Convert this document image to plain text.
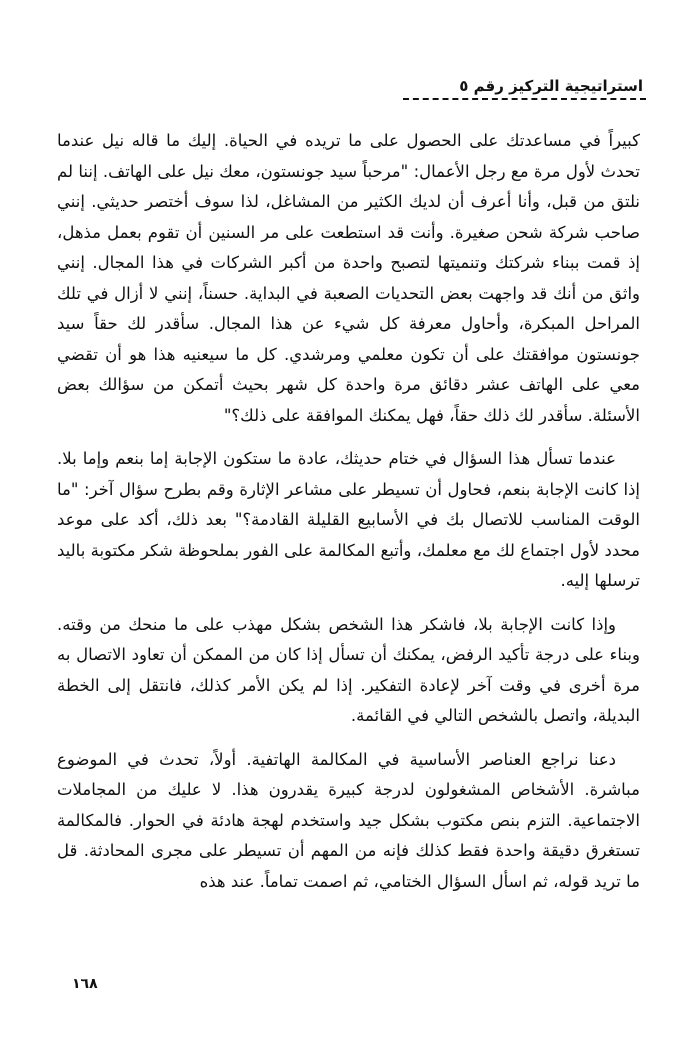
استراتيجية التركيز رقم ٥

كبيراً في مساعدتك على الحصول على ما تريده في الحياة. إليك ما قاله نيل عندما تحدث لأول مرة مع رجل الأعمال: "مرحباً سيد جونستون، معك نيل على الهاتف. إننا لم نلتق من قبل، وأنا أعرف أن لديك الكثير من المشاغل، لذا سوف أختصر حديثي. إنني صاحب شركة شحن صغيرة. وأنت قد استطعت على مر السنين أن تقوم بعمل مذهل، إذ قمت ببناء شركتك وتنميتها لتصبح واحدة من أكبر الشركات في هذا المجال. إنني واثق من أنك قد واجهت بعض التحديات الصعبة في البداية. حسناً، إنني لا أزال في تلك المراحل المبكرة، وأحاول معرفة كل شيء عن هذا المجال. سأقدر لك حقاً سيد جونستون موافقتك على أن تكون معلمي ومرشدي. كل ما سيعنيه هذا هو أن تقضي معي على الهاتف عشر دقائق مرة واحدة كل شهر بحيث أتمكن من سؤالك بعض الأسئلة. سأقدر لك ذلك حقاً، فهل يمكنك الموافقة على ذلك؟"

عندما تسأل هذا السؤال في ختام حديثك، عادة ما ستكون الإجابة إما بنعم وإما بلا. إذا كانت الإجابة بنعم، فحاول أن تسيطر على مشاعر الإثارة وقم بطرح سؤال آخر: "ما الوقت المناسب للاتصال بك في الأسابيع القليلة القادمة؟" بعد ذلك، أكد على موعد محدد لأول اجتماع لك مع معلمك، وأتبع المكالمة على الفور بملحوظة شكر مكتوبة باليد ترسلها إليه.

وإذا كانت الإجابة بلا، فاشكر هذا الشخص بشكل مهذب على ما منحك من وقته. وبناء على درجة تأكيد الرفض، يمكنك أن تسأل إذا كان من الممكن أن تعاود الاتصال به مرة أخرى في وقت آخر لإعادة التفكير. إذا لم يكن الأمر كذلك، فانتقل إلى الخطة البديلة، واتصل بالشخص التالي في القائمة.

دعنا نراجع العناصر الأساسية في المكالمة الهاتفية. أولاً، تحدث في الموضوع مباشرة. الأشخاص المشغولون لدرجة كبيرة يقدرون هذا. لا عليك من المجاملات الاجتماعية. التزم بنص مكتوب بشكل جيد واستخدم لهجة هادئة في الحوار. فالمكالمة تستغرق دقيقة واحدة فقط كذلك فإنه من المهم أن تسيطر على مجرى المحادثة. قل ما تريد قوله، ثم اسأل السؤال الختامي، ثم اصمت تماماً. عند هذه

١٦٨
